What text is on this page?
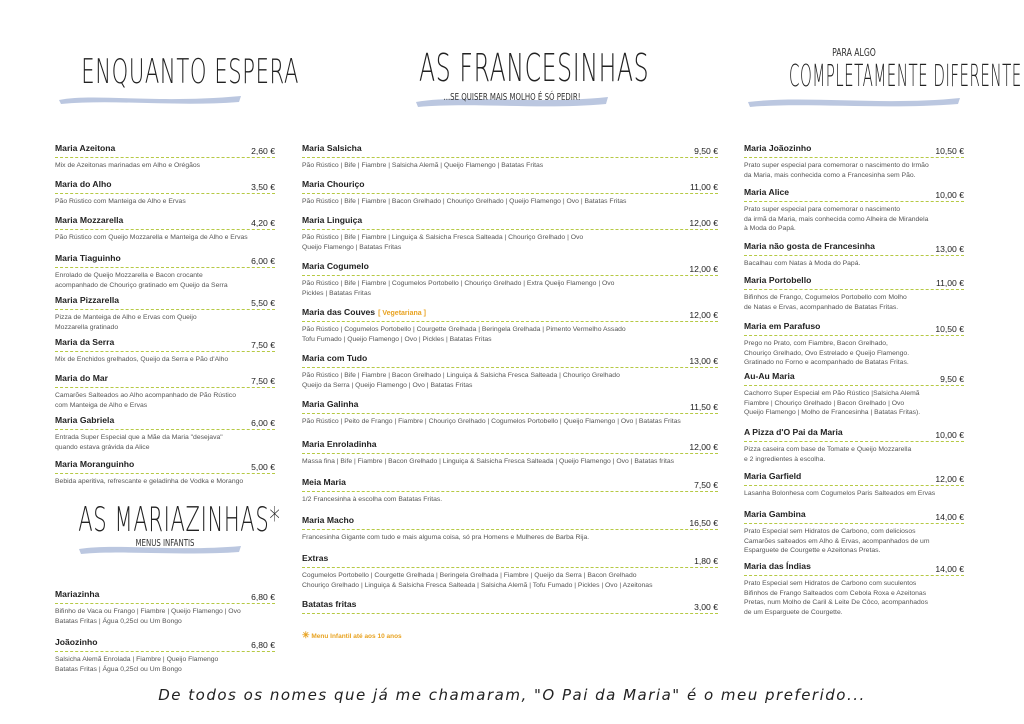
ENQUANTO ESPERA
Maria Azeitona	2,60 €
Mix de Azeitonas marinadas em Alho e Orégãos
Maria do Alho	3,50 €
Pão Rústico com Manteiga de Alho e Ervas
Maria Mozzarella	4,20 €
Pão Rústico com Queijo Mozzarella e Manteiga de Alho e Ervas
Maria Tiaguinho	6,00 €
Enrolado de Queijo Mozzarella e Bacon crocante
acompanhado de Chouriço gratinado em Queijo da Serra
Maria Pizzarella	5,50 €
Pizza de Manteiga de Alho e Ervas com Queijo
Mozzarella gratinado
Maria da Serra	7,50 €
Mix de Enchidos grelhados, Queijo da Serra e Pão d'Alho
Maria do Mar	7,50 €
Camarões Salteados ao Alho acompanhado de Pão Rústico
com Manteiga de Alho e Ervas
Maria Gabriela	6,00 €
Entrada Super Especial que a Mãe da Maria "desejava"
quando estava grávida da Alice
Maria Moranguinho	5,00 €
Bebida aperitiva, refrescante e geladinha de Vodka e Morango
AS MARIAZINHAS*
MENUS INFANTIS
Mariazinha	6,80 €
Bifinho de Vaca ou Frango | Fiambre | Queijo Flamengo | Ovo
Batatas Fritas | Água 0,25cl ou Um Bongo
Joãozinho	6,80 €
Salsicha Alemã Enrolada | Fiambre | Queijo Flamengo
Batatas Fritas | Água 0,25cl ou Um Bongo
AS FRANCESINHAS
...SE QUISER MAIS MOLHO É SÓ PEDIR!
Maria Salsicha	9,50 €
Pão Rústico | Bife | Fiambre | Salsicha Alemã | Queijo Flamengo | Batatas Fritas
Maria Chouriço	11,00 €
Pão Rústico | Bife | Fiambre | Bacon Grelhado | Chouriço Grelhado | Queijo Flamengo | Ovo | Batatas Fritas
Maria Linguiça	12,00 €
Pão Rústico | Bife | Fiambre | Linguiça & Salsicha Fresca Salteada | Chouriço Grelhado | Ovo
Queijo Flamengo | Batatas Fritas
Maria Cogumelo	12,00 €
Pão Rústico | Bife | Fiambre | Cogumelos Portobello | Chouriço Grelhado | Extra Queijo Flamengo | Ovo
Pickles | Batatas Fritas
Maria das Couves [ Vegetariana ]	12,00 €
Pão Rústico | Cogumelos Portobello | Courgette Grelhada | Beringela Grelhada | Pimento Vermelho Assado
Tofu Fumado | Queijo Flamengo | Ovo | Pickles | Batatas Fritas
Maria com Tudo	13,00 €
Pão Rústico | Bife | Fiambre | Bacon Grelhado | Linguiça & Salsicha Fresca Salteada | Chouriço Grelhado
Queijo da Serra | Queijo Flamengo | Ovo | Batatas Fritas
Maria Galinha	11,50 €
Pão Rústico | Peito de Frango | Fiambre | Chouriço Grelhado | Cogumelos Portobello | Queijo Flamengo | Ovo | Batatas Fritas
Maria Enroladinha	12,00 €
Massa fina | Bife | Fiambre | Bacon Grelhado | Linguiça & Salsicha Fresca Salteada | Queijo Flamengo | Ovo | Batatas fritas
Meia Maria	7,50 €
1/2 Francesinha à escolha com Batatas Fritas.
Maria Macho	16,50 €
Francesinha Gigante com tudo e mais alguma coisa, só pra Homens e Mulheres de Barba Rija.
Extras	1,80 €
Cogumelos Portobello | Courgette Grelhada | Beringela Grelhada | Fiambre | Queijo da Serra | Bacon Grelhado
Chouriço Grelhado | Linguiça & Salsicha Fresca Salteada | Salsicha Alemã | Tofu Fumado | Pickles | Ovo | Azeitonas
Batatas fritas	3,00 €
✳ Menu Infantil até aos 10 anos
PARA ALGO
COMPLETAMENTE DIFERENTE
Maria Joãozinho	10,50 €
Prato super especial para comemorar o nascimento do Irmão
da Maria, mais conhecida como a Francesinha sem Pão.
Maria Alice	10,00 €
Prato super especial para comemorar o nascimento
da irmã da Maria, mais conhecida como Alheira de Mirandela
à Moda do Papá.
Maria não gosta de Francesinha	13,00 €
Bacalhau com Natas à Moda do Papá.
Maria Portobello	11,00 €
Bifinhos de Frango, Cogumelos Portobello com Molho
de Natas e Ervas, acompanhado de Batatas Fritas.
Maria em Parafuso	10,50 €
Prego no Prato, com Fiambre, Bacon Grelhado,
Chouriço Grelhado, Ovo Estrelado e Queijo Flamengo.
Gratinado no Forno e acompanhado de Batatas Fritas.
Au-Au Maria	9,50 €
Cachorro Super Especial em Pão Rústico |Salsicha Alemã
Fiambre | Chouriço Grelhado | Bacon Grelhado | Ovo
Queijo Flamengo | Molho de Francesinha | Batatas Fritas).
A Pizza d'O Pai da Maria	10,00 €
Pizza caseira com base de Tomate e Queijo Mozzarella
e 2 ingredientes à escolha.
Maria Garfield	12,00 €
Lasanha Bolonhesa com Cogumelos Paris Salteados em Ervas
Maria Gambina	14,00 €
Prato Especial sem Hidratos de Carbono, com deliciosos
Camarões salteados em Alho & Ervas, acompanhados de um
Esparguete de Courgette e Azeitonas Pretas.
Maria das Índias	14,00 €
Prato Especial sem Hidratos de Carbono com suculentos
Bifinhos de Frango Salteados com Cebola Roxa e Azeitonas
Pretas, num Molho de Caril & Leite De Côco, acompanhados
de um Esparguete de Courgette.
De todos os nomes que já me chamaram, "O Pai da Maria" é o meu preferido...
